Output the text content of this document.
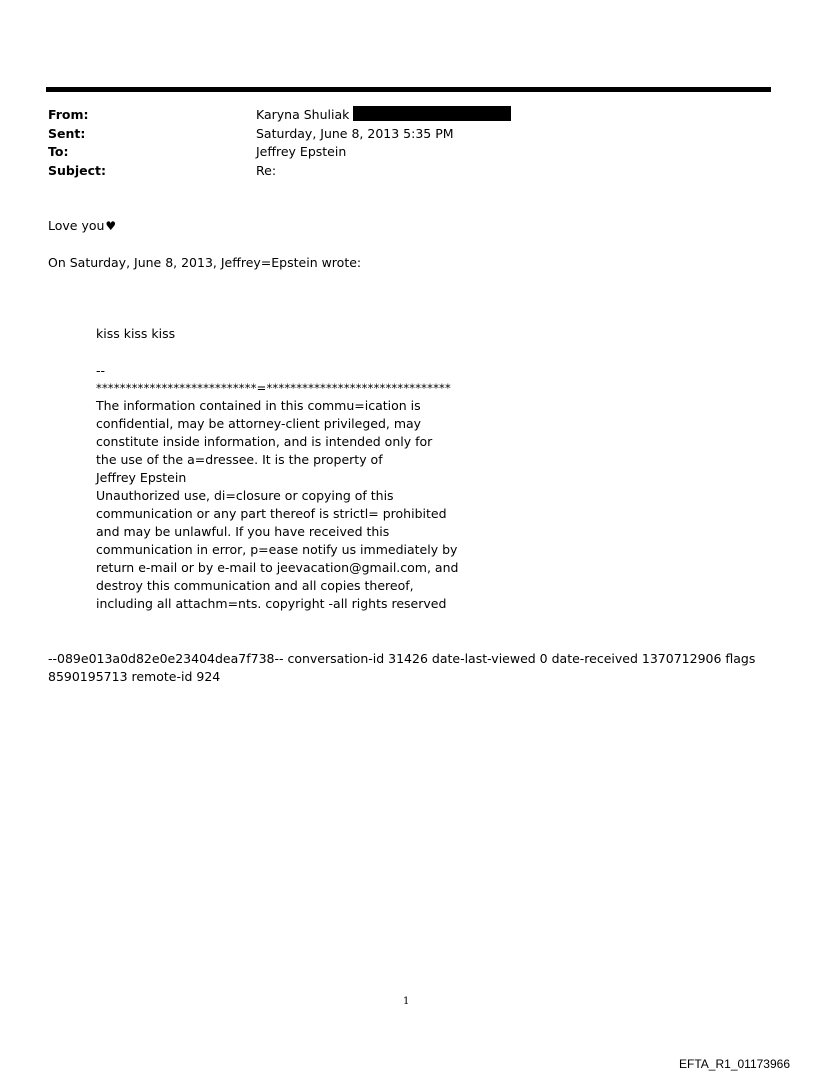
From:	Karyna Shuliak
Sent:	Saturday, June 8, 2013 5:35 PM
To:	Jeffrey Epstein
Subject:	Re:
Love you♥
On Saturday, June 8, 2013, Jeffrey=Epstein wrote:
kiss kiss kiss
--
***************************=*******************************
The information contained in this commu=ication is
confidential, may be attorney-client privileged, may
constitute inside information, and is intended only for
the use of the a=dressee. It is the property of
Jeffrey Epstein
Unauthorized use, di=closure or copying of this
communication or any part thereof is strictl= prohibited
and may be unlawful. If you have received this
communication in error, p=ease notify us immediately by
return e-mail or by e-mail to jeevacation@gmail.com, and
destroy this communication and all copies thereof,
including all attachm=nts. copyright -all rights reserved
--089e013a0d82e0e23404dea7f738-- conversation-id 31426 date-last-viewed 0 date-received 1370712906 flags 8590195713 remote-id 924
1
EFTA_R1_01173966
